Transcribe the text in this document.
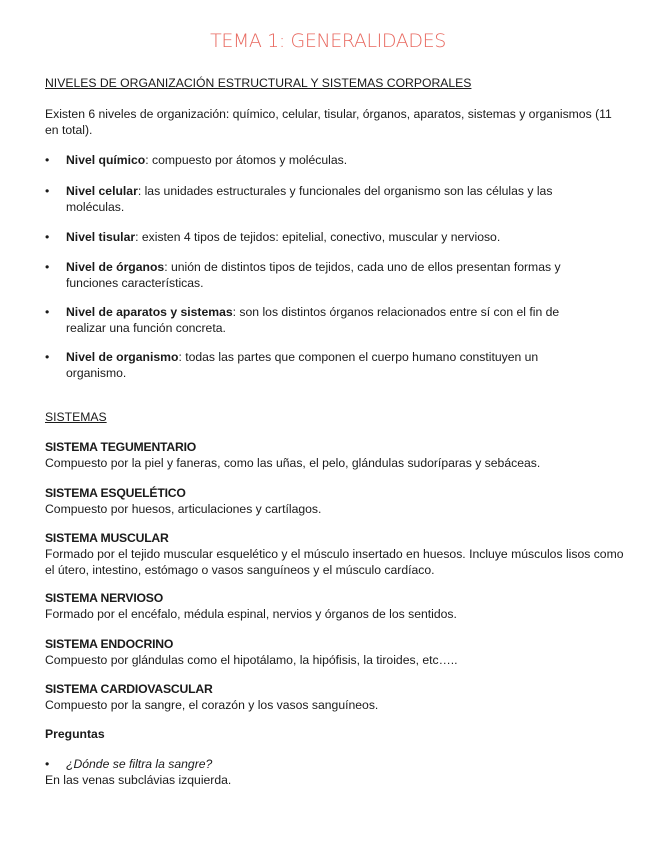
TEMA 1: GENERALIDADES
NIVELES DE ORGANIZACIÓN ESTRUCTURAL Y SISTEMAS CORPORALES
Existen 6 niveles de organización: químico, celular, tisular, órganos, aparatos, sistemas y organismos (11 en total).
• Nivel químico: compuesto por átomos y moléculas.
• Nivel celular: las unidades estructurales y funcionales del organismo son las células y las moléculas.
• Nivel tisular: existen 4 tipos de tejidos: epitelial, conectivo, muscular y nervioso.
• Nivel de órganos: unión de distintos tipos de tejidos, cada uno de ellos presentan formas y funciones características.
• Nivel de aparatos y sistemas: son los distintos órganos relacionados entre sí con el fin de realizar una función concreta.
• Nivel de organismo: todas las partes que componen el cuerpo humano constituyen un organismo.
SISTEMAS
SISTEMA TEGUMENTARIO
Compuesto por la piel y faneras, como las uñas, el pelo, glándulas sudoríparas y sebáceas.
SISTEMA ESQUELÉTICO
Compuesto por huesos, articulaciones y cartílagos.
SISTEMA MUSCULAR
Formado por el tejido muscular esquelético y el músculo insertado en huesos. Incluye músculos lisos como el útero, intestino, estómago o vasos sanguíneos y el músculo cardíaco.
SISTEMA NERVIOSO
Formado por el encéfalo, médula espinal, nervios y órganos de los sentidos.
SISTEMA ENDOCRINO
Compuesto por glándulas como el hipotálamo, la hipófisis, la tiroides, etc…..
SISTEMA CARDIOVASCULAR
Compuesto por la sangre, el corazón y los vasos sanguíneos.
Preguntas
• ¿Dónde se filtra la sangre?
En las venas subclávias izquierda.
